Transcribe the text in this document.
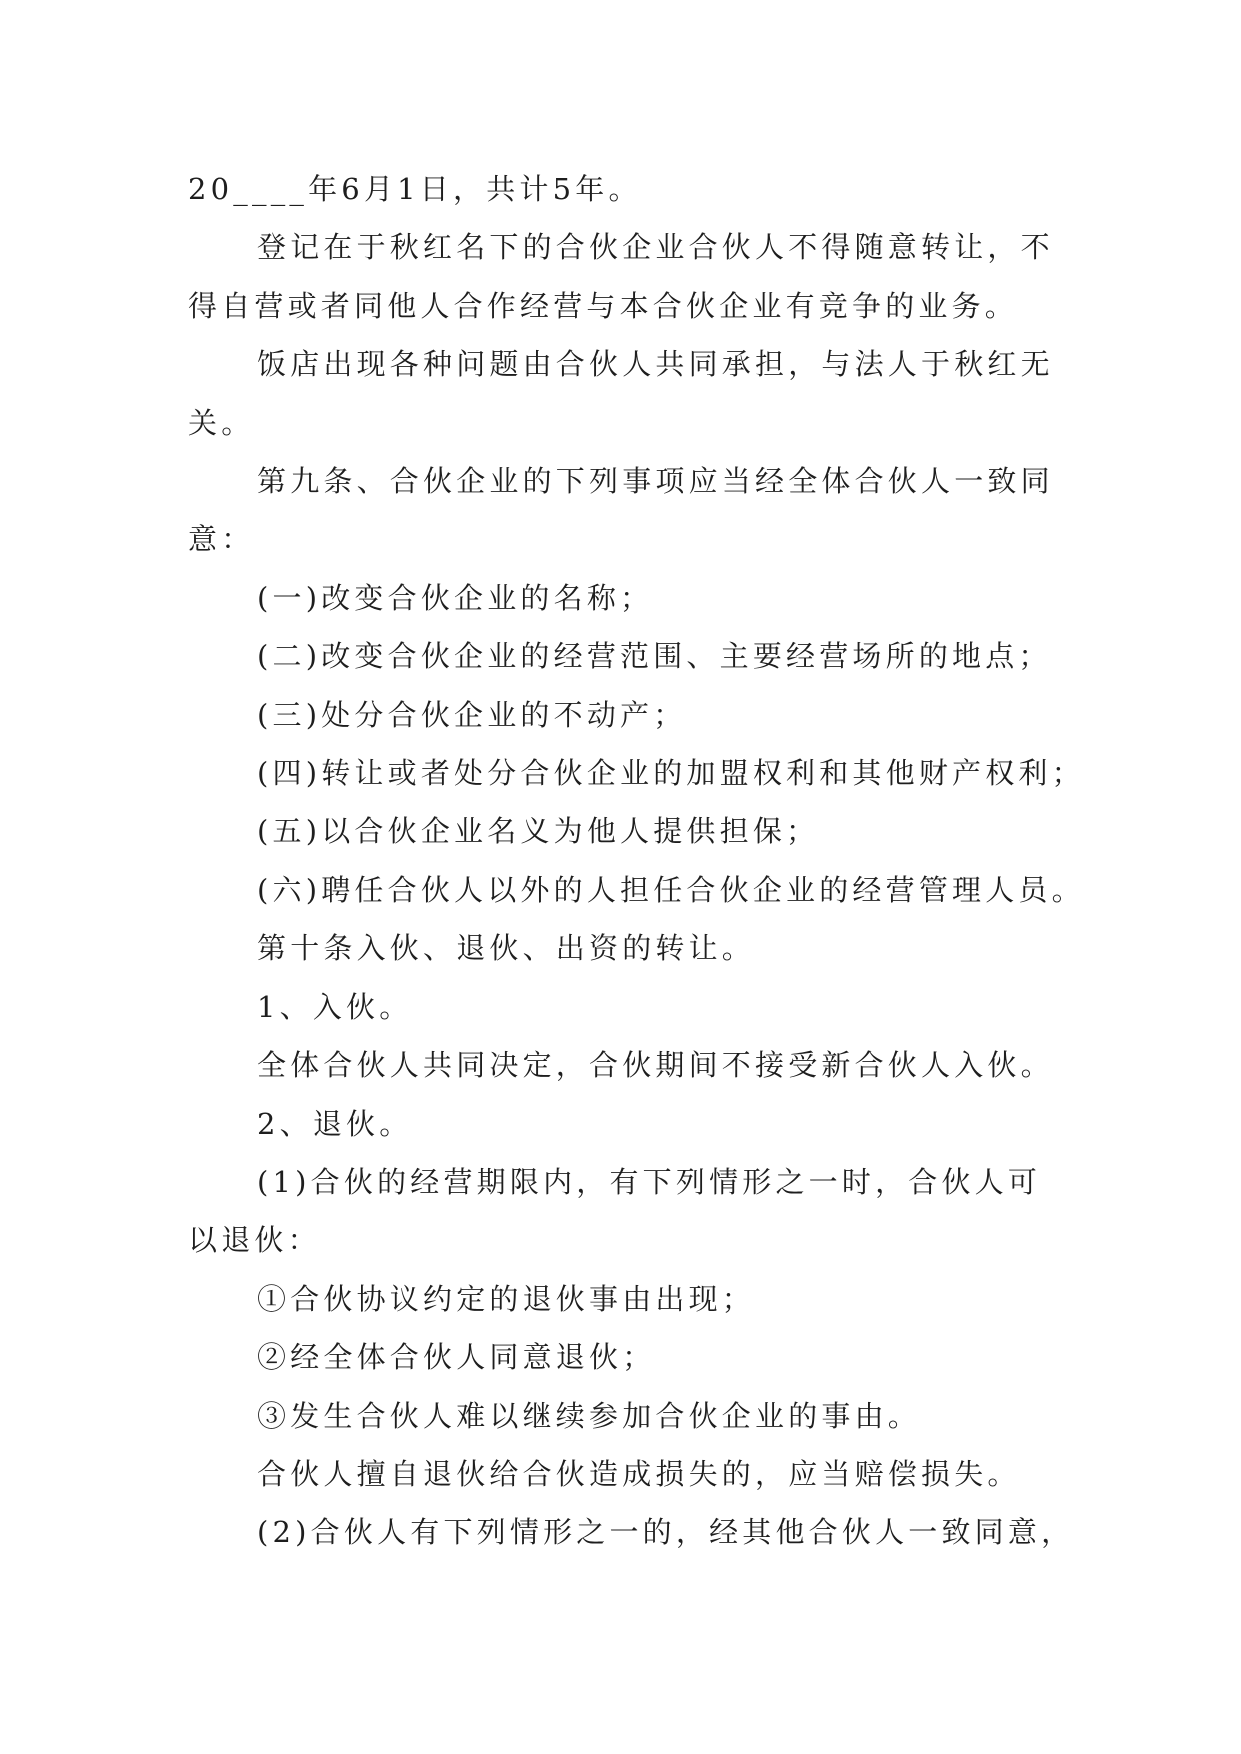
20____年6月1日，共计5年。

登记在于秋红名下的合伙企业合伙人不得随意转让，不得自营或者同他人合作经营与本合伙企业有竞争的业务。

饭店出现各种问题由合伙人共同承担，与法人于秋红无关。

第九条、合伙企业的下列事项应当经全体合伙人一致同意：

(一)改变合伙企业的名称；

(二)改变合伙企业的经营范围、主要经营场所的地点；

(三)处分合伙企业的不动产；

(四)转让或者处分合伙企业的加盟权利和其他财产权利；

(五)以合伙企业名义为他人提供担保；

(六)聘任合伙人以外的人担任合伙企业的经营管理人员。

第十条入伙、退伙、出资的转让。

1、入伙。

全体合伙人共同决定，合伙期间不接受新合伙人入伙。

2、退伙。

(1)合伙的经营期限内，有下列情形之一时，合伙人可以退伙：

①合伙协议约定的退伙事由出现；

②经全体合伙人同意退伙；

③发生合伙人难以继续参加合伙企业的事由。

合伙人擅自退伙给合伙造成损失的，应当赔偿损失。

(2)合伙人有下列情形之一的，经其他合伙人一致同意，
